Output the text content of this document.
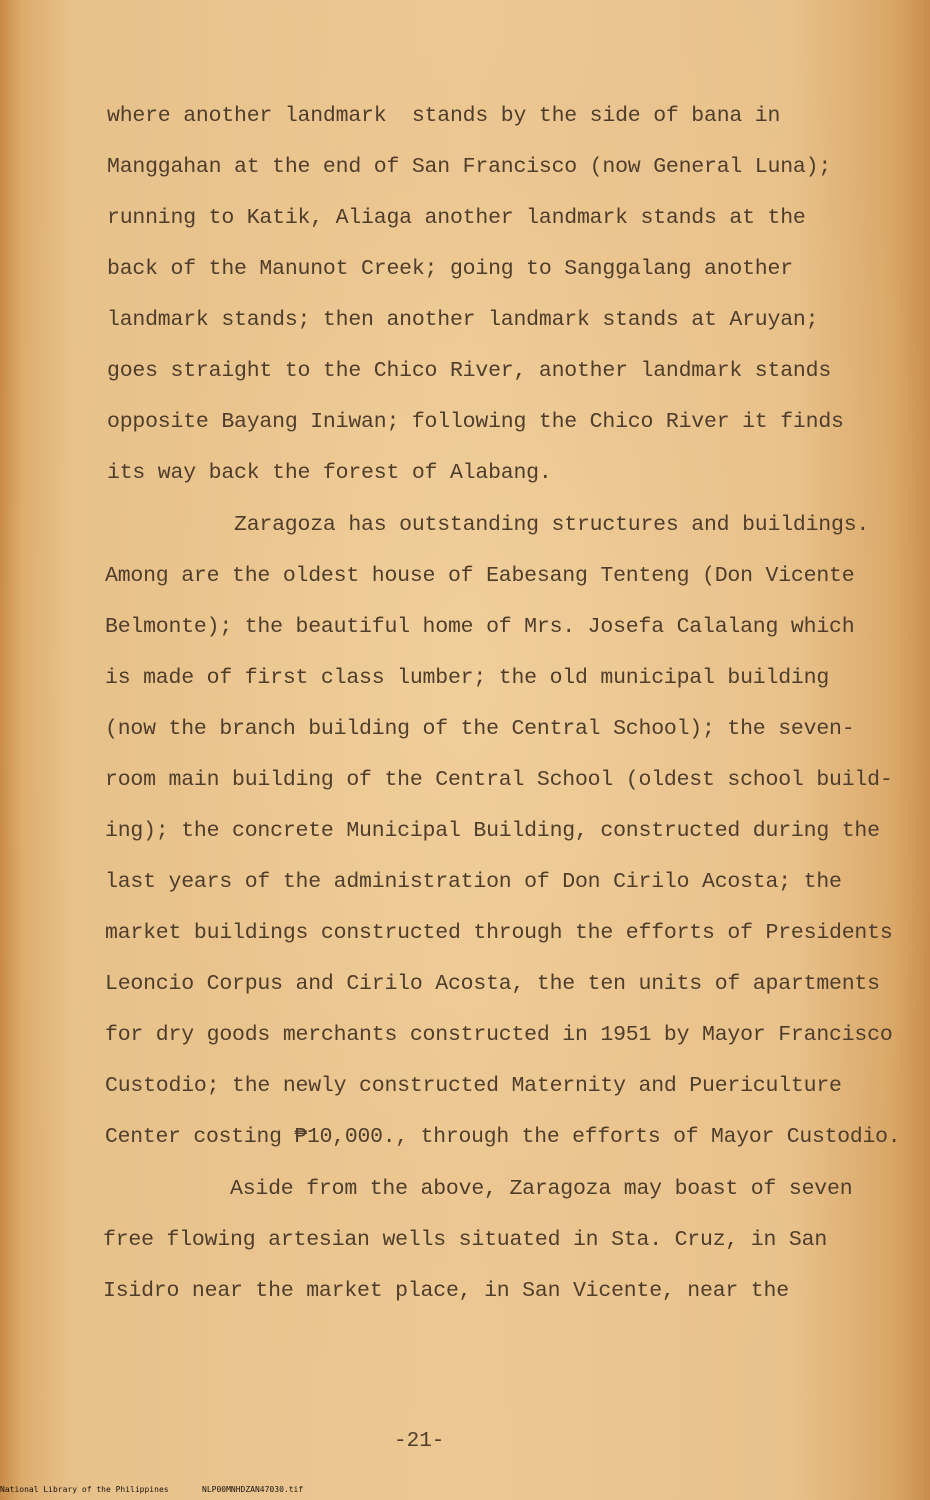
where another landmark  stands by the side of bana in
Manggahan at the end of San Francisco (now General Luna);
running to Katik, Aliaga another landmark stands at the
back of the Manunot Creek; going to Sanggalang another
landmark stands; then another landmark stands at Aruyan;
goes straight to the Chico River, another landmark stands
opposite Bayang Iniwan; following the Chico River it finds
its way back the forest of Alabang.
Zaragoza has outstanding structures and buildings.
Among are the oldest house of Eabesang Tenteng (Don Vicente
Belmonte); the beautiful home of Mrs. Josefa Calalang which
is made of first class lumber; the old municipal building
(now the branch building of the Central School); the seven-
room main building of the Central School (oldest school build-
ing); the concrete Municipal Building, constructed during the
last years of the administration of Don Cirilo Acosta; the
market buildings constructed through the efforts of Presidents
Leoncio Corpus and Cirilo Acosta, the ten units of apartments
for dry goods merchants constructed in 1951 by Mayor Francisco
Custodio; the newly constructed Maternity and Puericulture
Center costing ₱10,000., through the efforts of Mayor Custodio.
Aside from the above, Zaragoza may boast of seven
free flowing artesian wells situated in Sta. Cruz, in San
Isidro near the market place, in San Vicente, near the
-21-

National Library of the Philippines

	NLP00MNHDZAN47030.tif
